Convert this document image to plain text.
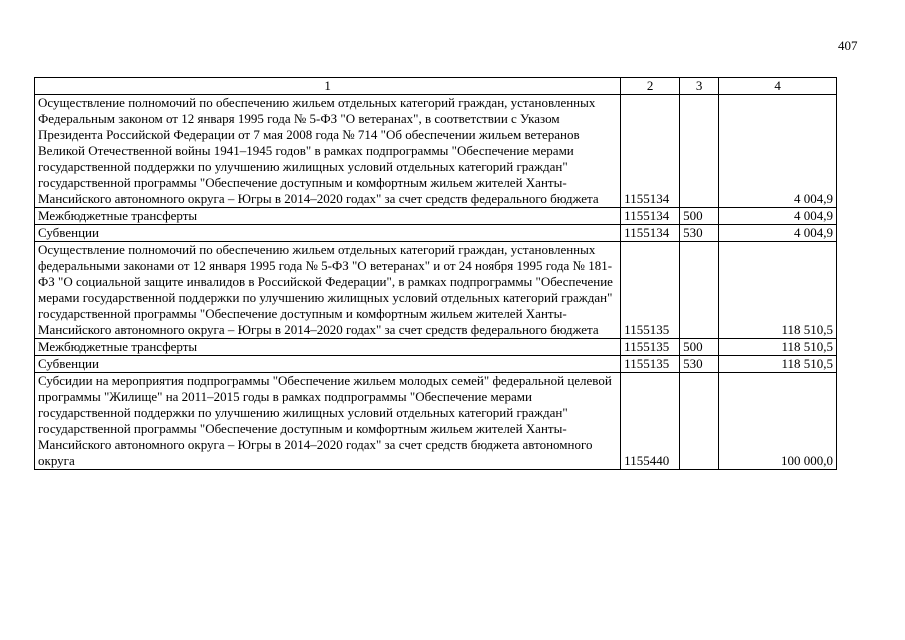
407
1	2	3	4
Осуществление полномочий по обеспечению жильем отдельных категорий граждан, установленных Федеральным законом от 12 января 1995 года № 5-ФЗ "О ветеранах", в соответствии с Указом Президента Российской Федерации от 7 мая 2008 года № 714 "Об обеспечении жильем ветеранов Великой Отечественной войны 1941–1945 годов" в рамках подпрограммы "Обеспечение мерами государственной поддержки по улучшению жилищных условий отдельных категорий граждан" государственной программы "Обеспечение доступным и комфортным жильем жителей Ханты-Мансийского автономного округа – Югры в 2014–2020 годах" за счет средств федерального бюджета	1155134		4 004,9
Межбюджетные трансферты	1155134	500	4 004,9
Субвенции	1155134	530	4 004,9
Осуществление полномочий по обеспечению жильем отдельных категорий граждан, установленных федеральными законами от 12 января 1995 года № 5-ФЗ "О ветеранах" и от 24 ноября 1995 года № 181-ФЗ "О социальной защите инвалидов в Российской Федерации", в рамках подпрограммы "Обеспечение мерами государственной поддержки по улучшению жилищных условий отдельных категорий граждан" государственной программы "Обеспечение доступным и комфортным жильем жителей Ханты-Мансийского автономного округа – Югры в 2014–2020 годах" за счет средств федерального бюджета	1155135		118 510,5
Межбюджетные трансферты	1155135	500	118 510,5
Субвенции	1155135	530	118 510,5
Субсидии на мероприятия подпрограммы "Обеспечение жильем молодых семей" федеральной целевой программы "Жилище" на 2011–2015 годы в рамках подпрограммы "Обеспечение мерами государственной поддержки по улучшению жилищных условий отдельных категорий граждан" государственной программы "Обеспечение доступным и комфортным жильем жителей Ханты-Мансийского автономного округа – Югры в 2014–2020 годах" за счет средств бюджета автономного округа	1155440		100 000,0
